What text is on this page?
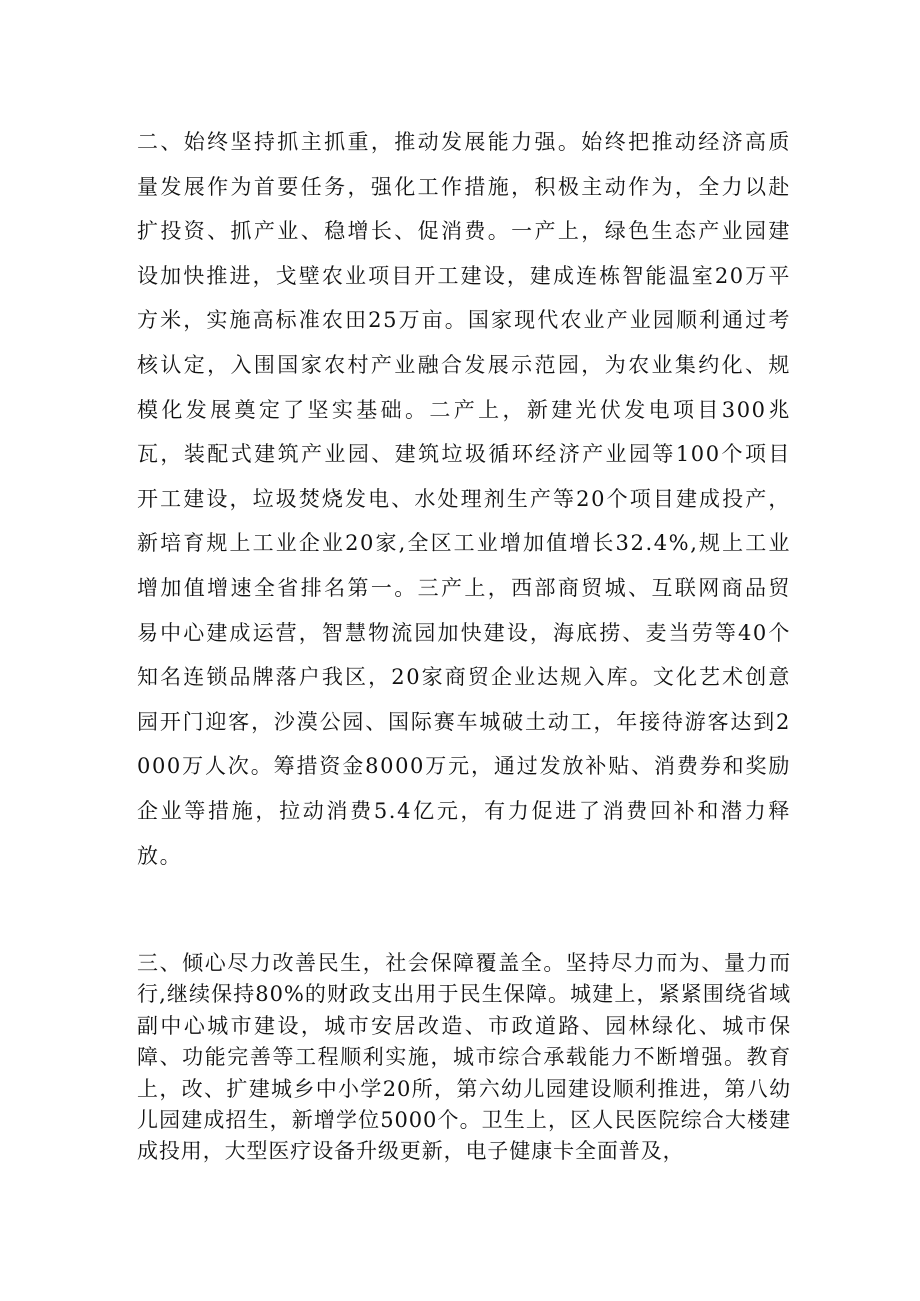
二、始终坚持抓主抓重，推动发展能力强。始终把推动经济高质量发展作为首要任务，强化工作措施，积极主动作为，全力以赴扩投资、抓产业、稳增长、促消费。一产上，绿色生态产业园建设加快推进，戈壁农业项目开工建设，建成连栋智能温室20万平方米，实施高标准农田25万亩。国家现代农业产业园顺利通过考核认定，入围国家农村产业融合发展示范园，为农业集约化、规模化发展奠定了坚实基础。二产上，新建光伏发电项目300兆瓦，装配式建筑产业园、建筑垃圾循环经济产业园等100个项目开工建设，垃圾焚烧发电、水处理剂生产等20个项目建成投产，新培育规上工业企业20家,全区工业增加值增长32.4%,规上工业增加值增速全省排名第一。三产上，西部商贸城、互联网商品贸易中心建成运营，智慧物流园加快建设，海底捞、麦当劳等40个知名连锁品牌落户我区，20家商贸企业达规入库。文化艺术创意园开门迎客，沙漠公园、国际赛车城破土动工，年接待游客达到2000万人次。筹措资金8000万元，通过发放补贴、消费券和奖励企业等措施，拉动消费5.4亿元，有力促进了消费回补和潜力释放。

三、倾心尽力改善民生，社会保障覆盖全。坚持尽力而为、量力而行,继续保持80%的财政支出用于民生保障。城建上，紧紧围绕省域副中心城市建设，城市安居改造、市政道路、园林绿化、城市保障、功能完善等工程顺利实施，城市综合承载能力不断增强。教育上，改、扩建城乡中小学20所，第六幼儿园建设顺利推进，第八幼儿园建成招生，新增学位5000个。卫生上，区人民医院综合大楼建成投用，大型医疗设备升级更新，电子健康卡全面普及，
